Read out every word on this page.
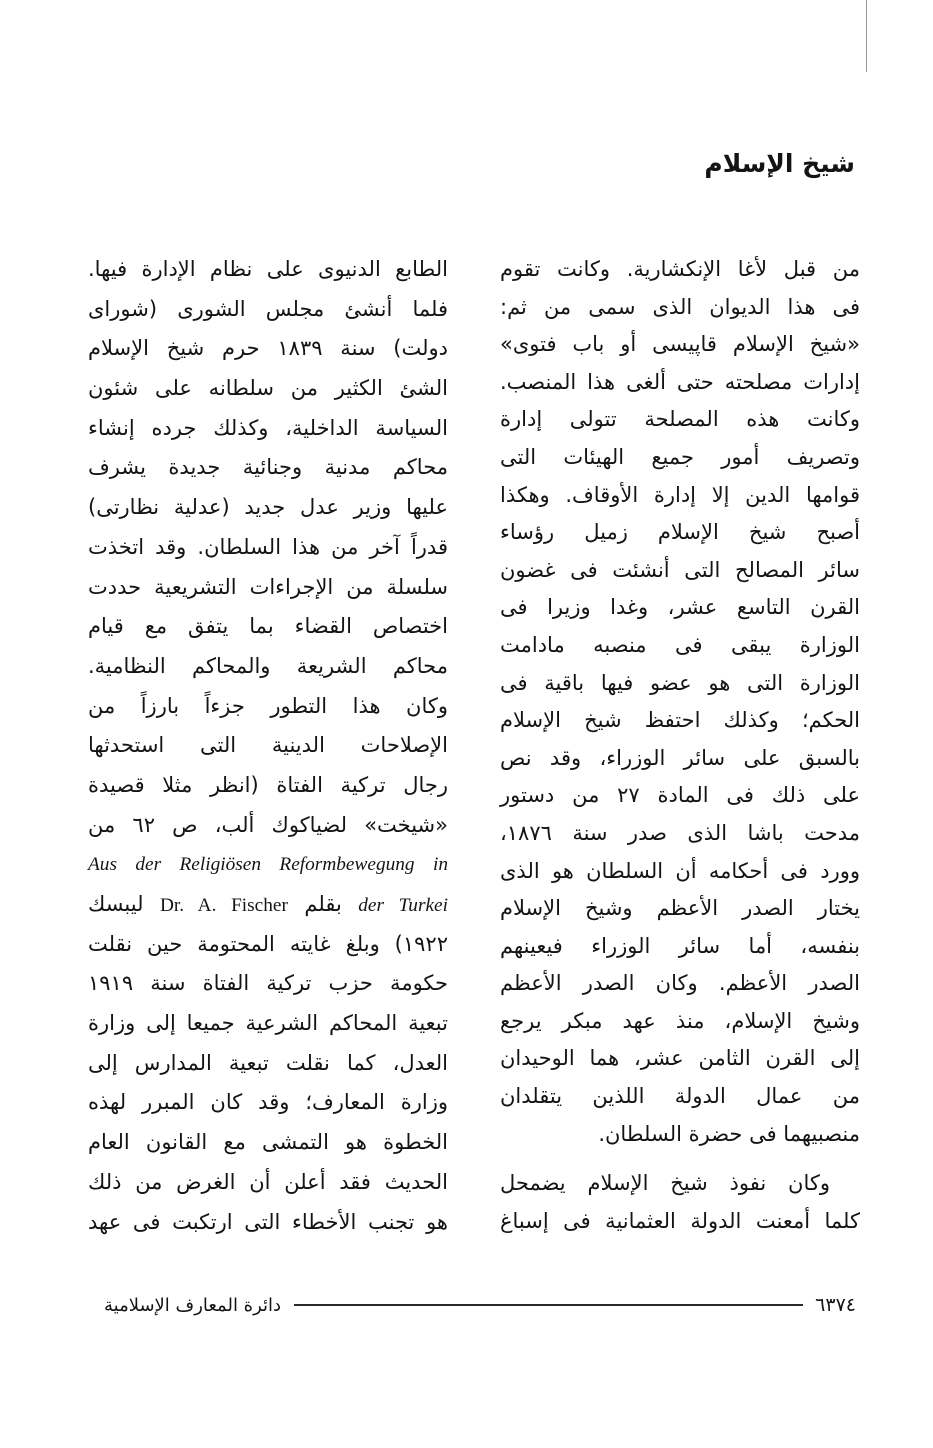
شيخ الإسلام
من قبل لأغا الإنكشارية. وكانت تقوم
فى هذا الديوان الذى سمى من ثم:
«شيخ الإسلام قاپيسى أو باب فتوى»
إدارات مصلحته حتى ألغى هذا المنصب.
وكانت هذه المصلحة تتولى إدارة
وتصريف أمور جميع الهيئات التى
قوامها الدين إلا إدارة الأوقاف. وهكذا
أصبح شيخ الإسلام زميل رؤساء
سائر المصالح التى أنشئت فى غضون
القرن التاسع عشر، وغدا وزيرا فى
الوزارة يبقى فى منصبه مادامت
الوزارة التى هو عضو فيها باقية فى
الحكم؛ وكذلك احتفظ شيخ الإسلام
بالسبق على سائر الوزراء، وقد نص
على ذلك فى المادة ٢٧ من دستور
مدحت باشا الذى صدر سنة ١٨٧٦،
وورد فى أحكامه أن السلطان هو الذى
يختار الصدر الأعظم وشيخ الإسلام
بنفسه، أما سائر الوزراء فيعينهم
الصدر الأعظم. وكان الصدر الأعظم
وشيخ الإسلام، منذ عهد مبكر يرجع
إلى القرن الثامن عشر، هما الوحيدان
من عمال الدولة اللذين يتقلدان
منصبيهما فى حضرة السلطان.
وكان نفوذ شيخ الإسلام يضمحل
كلما أمعنت الدولة العثمانية فى إسباغ
الطابع الدنيوى على نظام الإدارة فيها.
فلما أنشئ مجلس الشورى (شوراى
دولت) سنة ١٨٣٩ حرم شيخ الإسلام
الشئ الكثير من سلطانه على شئون
السياسة الداخلية، وكذلك جرده إنشاء
محاكم مدنية وجنائية جديدة يشرف
عليها وزير عدل جديد (عدلية نظارتى)
قدراً آخر من هذا السلطان. وقد اتخذت
سلسلة من الإجراءات التشريعية حددت
اختصاص القضاء بما يتفق مع قيام
محاكم الشريعة والمحاكم النظامية.
وكان هذا التطور جزءاً بارزاً من
الإصلاحات الدينية التى استحدثها
رجال تركية الفتاة (انظر مثلا قصيدة
«شيخت» لضياكوك ألب، ص ٦٢ من
Aus der Religiösen Reformbewegung in
der Turkei بقلم Dr. A. Fischer ليبسك
١٩٢٢) وبلغ غايته المحتومة حين نقلت
حكومة حزب تركية الفتاة سنة ١٩١٩
تبعية المحاكم الشرعية جميعا إلى وزارة
العدل، كما نقلت تبعية المدارس إلى
وزارة المعارف؛ وقد كان المبرر لهذه
الخطوة هو التمشى مع القانون العام
الحديث فقد أعلن أن الغرض من ذلك
هو تجنب الأخطاء التى ارتكبت فى عهد
٦٣٧٤
دائرة المعارف الإسلامية
